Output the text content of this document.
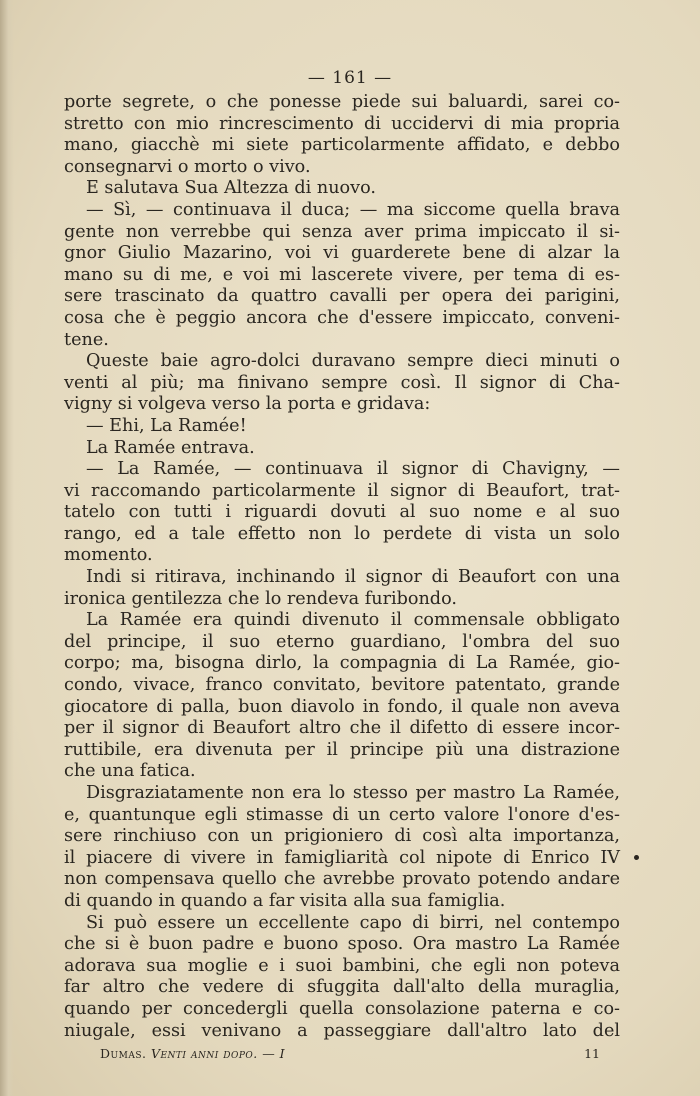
— 161 —
porte segrete, o che ponesse piede sui baluardi, sarei co-
stretto con mio rincrescimento di uccidervi di mia propria
mano, giacchè mi siete particolarmente affidato, e debbo
consegnarvi o morto o vivo.
E salutava Sua Altezza di nuovo.
— Sì, — continuava il duca; — ma siccome quella brava
gente non verrebbe qui senza aver prima impiccato il si-
gnor Giulio Mazarino, voi vi guarderete bene di alzar la
mano su di me, e voi mi lascerete vivere, per tema di es-
sere trascinato da quattro cavalli per opera dei parigini,
cosa che è peggio ancora che d'essere impiccato, conveni-
tene.
Queste baie agro-dolci duravano sempre dieci minuti o
venti al più; ma finivano sempre così. Il signor di Cha-
vigny si volgeva verso la porta e gridava:
— Ehi, La Ramée!
La Ramée entrava.
— La Ramée, — continuava il signor di Chavigny, —
vi raccomando particolarmente il signor di Beaufort, trat-
tatelo con tutti i riguardi dovuti al suo nome e al suo
rango, ed a tale effetto non lo perdete di vista un solo
momento.
Indi si ritirava, inchinando il signor di Beaufort con una
ironica gentilezza che lo rendeva furibondo.
La Ramée era quindi divenuto il commensale obbligato
del principe, il suo eterno guardiano, l'ombra del suo
corpo; ma, bisogna dirlo, la compagnia di La Ramée, gio-
condo, vivace, franco convitato, bevitore patentato, grande
giocatore di palla, buon diavolo in fondo, il quale non aveva
per il signor di Beaufort altro che il difetto di essere incor-
ruttibile, era divenuta per il principe più una distrazione
che una fatica.
Disgraziatamente non era lo stesso per mastro La Ramée,
e, quantunque egli stimasse di un certo valore l'onore d'es-
sere rinchiuso con un prigioniero di così alta importanza,
il piacere di vivere in famigliarità col nipote di Enrico IV
non compensava quello che avrebbe provato potendo andare
di quando in quando a far visita alla sua famiglia.
Si può essere un eccellente capo di birri, nel contempo
che si è buon padre e buono sposo. Ora mastro La Ramée
adorava sua moglie e i suoi bambini, che egli non poteva
far altro che vedere di sfuggita dall'alto della muraglia,
quando per concedergli quella consolazione paterna e co-
niugale, essi venivano a passeggiare dall'altro lato del
Dumas. Venti anni dopo. — I	11
